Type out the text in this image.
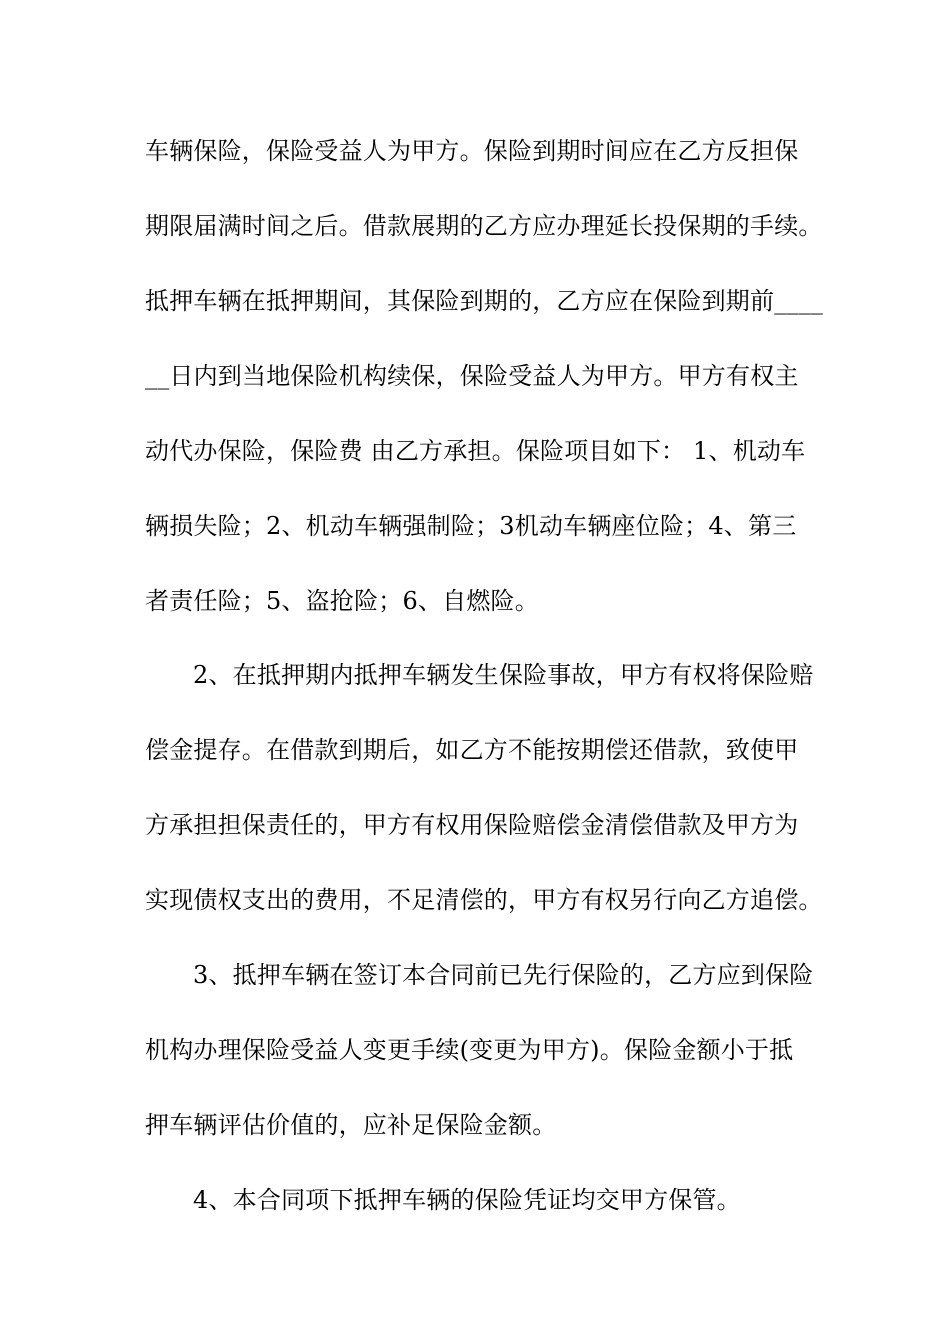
车辆保险，保险受益人为甲方。保险到期时间应在乙方反担保
期限届满时间之后。借款展期的乙方应办理延长投保期的手续。
抵押车辆在抵押期间，其保险到期的，乙方应在保险到期前____
__日内到当地保险机构续保，保险受益人为甲方。甲方有权主
动代办保险，保险费 由乙方承担。保险项目如下： 1、机动车
辆损失险；2、机动车辆强制险；3机动车辆座位险；4、第三
者责任险；5、盗抢险；6、自燃险。
2、在抵押期内抵押车辆发生保险事故，甲方有权将保险赔
偿金提存。在借款到期后，如乙方不能按期偿还借款，致使甲
方承担担保责任的，甲方有权用保险赔偿金清偿借款及甲方为
实现债权支出的费用，不足清偿的，甲方有权另行向乙方追偿。
3、抵押车辆在签订本合同前已先行保险的，乙方应到保险
机构办理保险受益人变更手续(变更为甲方)。保险金额小于抵
押车辆评估价值的，应补足保险金额。
4、本合同项下抵押车辆的保险凭证均交甲方保管。
